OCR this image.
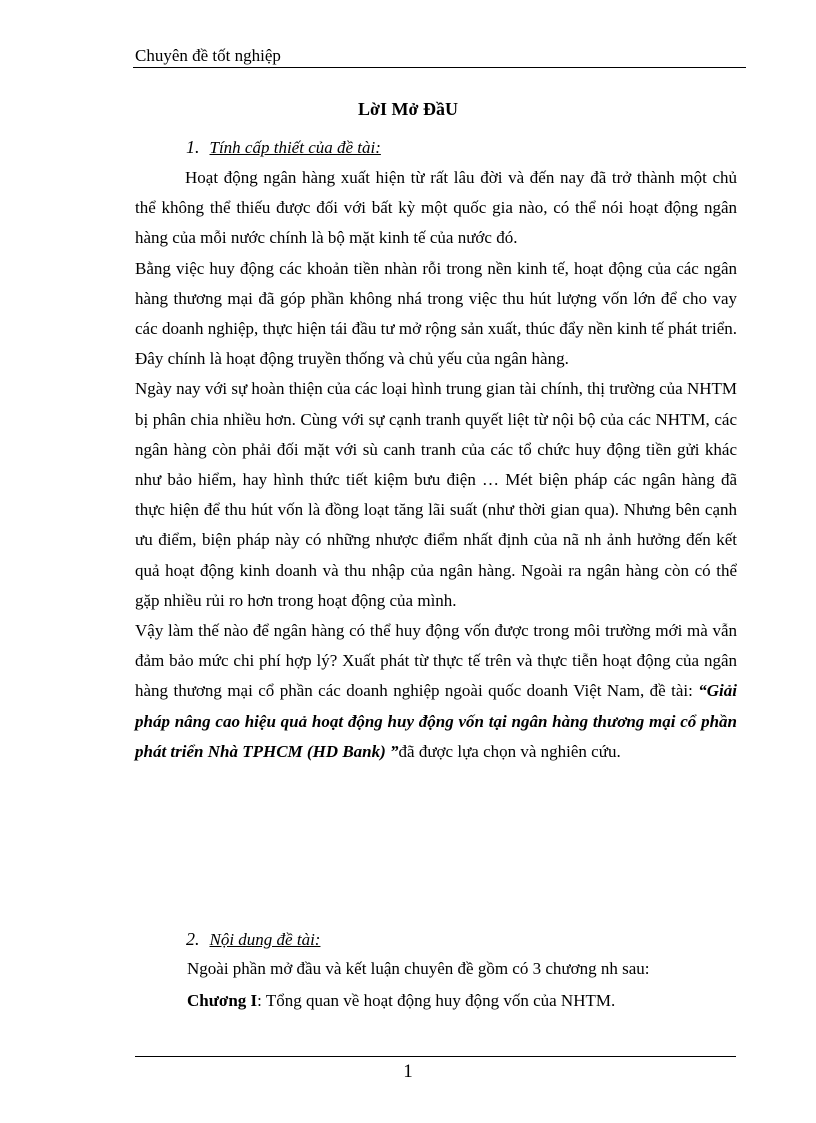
Chuyên đề tốt nghiệp
LờI Mở ĐầU
1. Tính cấp thiết của đề tài:

Hoạt động ngân hàng xuất hiện từ rất lâu đời và đến nay đã trở thành một chủ thể không thể thiếu được đối với bất kỳ một quốc gia nào, có thể nói hoạt động ngân hàng của mỗi nước chính là bộ mặt kinh tế của nước đó.

Bằng việc huy động các khoản tiền nhàn rỗi trong nền kinh tế, hoạt động của các ngân hàng thương mại đã góp phần không nhá trong việc thu hút lượng vốn lớn để cho vay các doanh nghiệp, thực hiện tái đầu tư mở rộng sản xuất, thúc đẩy nền kinh tế phát triển. Đây chính là hoạt động truyền thống và chủ yếu của ngân hàng.

Ngày nay với sự hoàn thiện của các loại hình trung gian tài chính, thị trường của NHTM bị phân chia nhiều hơn. Cùng với sự cạnh tranh quyết liệt từ nội bộ của các NHTM, các ngân hàng còn phải đối mặt với sù canh tranh của các tổ chức huy động tiền gửi khác như bảo hiểm, hay hình thức tiết kiệm bưu điện … Mét biện pháp các ngân hàng đã thực hiện để thu hút vốn là đồng loạt tăng lãi suất (như thời gian qua). Nhưng bên cạnh ưu điểm, biện pháp này có những nhược điểm nhất định của nã nh ảnh hưởng đến kết quả hoạt động kinh doanh và thu nhập của ngân hàng. Ngoài ra ngân hàng còn có thể gặp nhiều rủi ro hơn trong hoạt động của mình.

Vậy làm thế nào để ngân hàng có thể huy động vốn được trong môi trường mới mà vẫn đảm bảo mức chi phí hợp lý? Xuất phát từ thực tế trên và thực tiễn hoạt động của ngân hàng thương mại cổ phần các doanh nghiệp ngoài quốc doanh Việt Nam, đề tài: “Giải pháp nâng cao hiệu quả hoạt động huy động vốn tại ngân hàng thương mại cổ phần phát triển Nhà TPHCM (HD Bank) ”đã được lựa chọn và nghiên cứu.

2. Nội dung đề tài:
Ngoài phần mở đầu và kết luận chuyên đề gồm có 3 chương nh sau:
Chương I: Tổng quan về hoạt động huy động vốn của NHTM.
1
